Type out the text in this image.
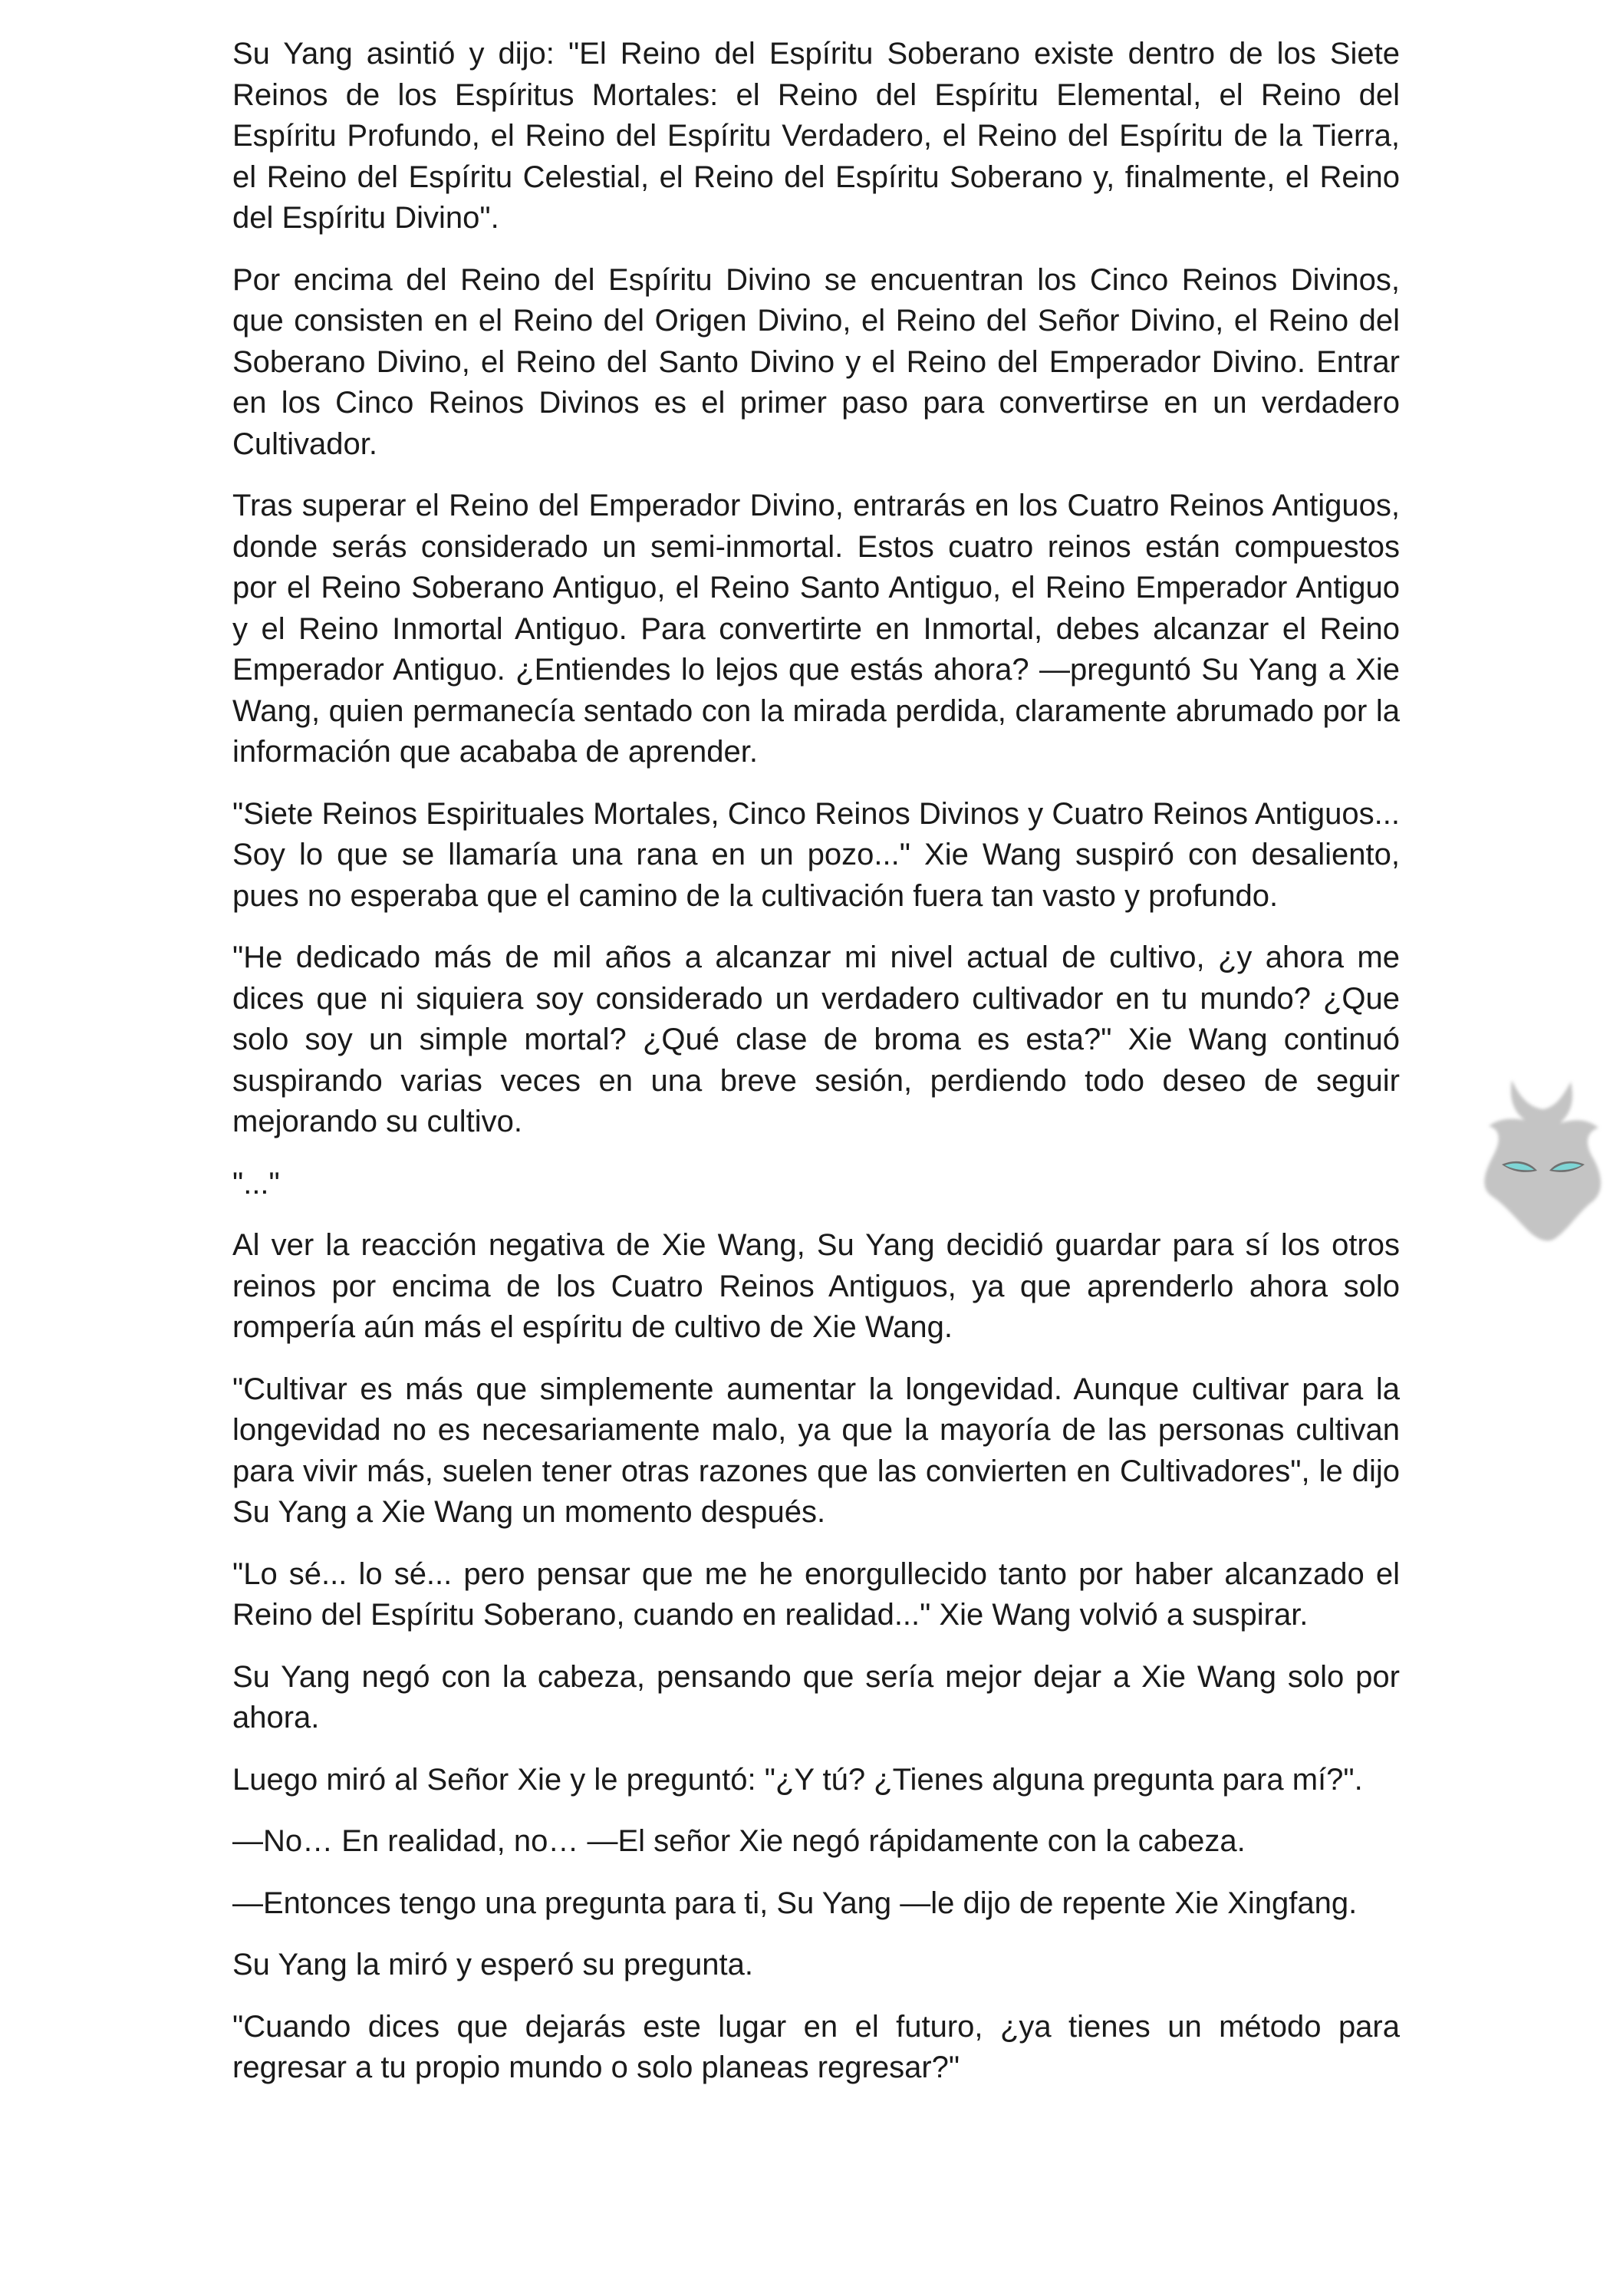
Su Yang asintió y dijo: "El Reino del Espíritu Soberano existe dentro de los Siete Reinos de los Espíritus Mortales: el Reino del Espíritu Elemental, el Reino del Espíritu Profundo, el Reino del Espíritu Verdadero, el Reino del Espíritu de la Tierra, el Reino del Espíritu Celestial, el Reino del Espíritu Soberano y, finalmente, el Reino del Espíritu Divino".

Por encima del Reino del Espíritu Divino se encuentran los Cinco Reinos Divinos, que consisten en el Reino del Origen Divino, el Reino del Señor Divino, el Reino del Soberano Divino, el Reino del Santo Divino y el Reino del Emperador Divino. Entrar en los Cinco Reinos Divinos es el primer paso para convertirse en un verdadero Cultivador.

Tras superar el Reino del Emperador Divino, entrarás en los Cuatro Reinos Antiguos, donde serás considerado un semi-inmortal. Estos cuatro reinos están compuestos por el Reino Soberano Antiguo, el Reino Santo Antiguo, el Reino Emperador Antiguo y el Reino Inmortal Antiguo. Para convertirte en Inmortal, debes alcanzar el Reino Emperador Antiguo. ¿Entiendes lo lejos que estás ahora? —preguntó Su Yang a Xie Wang, quien permanecía sentado con la mirada perdida, claramente abrumado por la información que acababa de aprender.

"Siete Reinos Espirituales Mortales, Cinco Reinos Divinos y Cuatro Reinos Antiguos... Soy lo que se llamaría una rana en un pozo..." Xie Wang suspiró con desaliento, pues no esperaba que el camino de la cultivación fuera tan vasto y profundo.

"He dedicado más de mil años a alcanzar mi nivel actual de cultivo, ¿y ahora me dices que ni siquiera soy considerado un verdadero cultivador en tu mundo? ¿Que solo soy un simple mortal? ¿Qué clase de broma es esta?" Xie Wang continuó suspirando varias veces en una breve sesión, perdiendo todo deseo de seguir mejorando su cultivo.

"..."

Al ver la reacción negativa de Xie Wang, Su Yang decidió guardar para sí los otros reinos por encima de los Cuatro Reinos Antiguos, ya que aprenderlo ahora solo rompería aún más el espíritu de cultivo de Xie Wang.

"Cultivar es más que simplemente aumentar la longevidad. Aunque cultivar para la longevidad no es necesariamente malo, ya que la mayoría de las personas cultivan para vivir más, suelen tener otras razones que las convierten en Cultivadores", le dijo Su Yang a Xie Wang un momento después.

"Lo sé... lo sé... pero pensar que me he enorgullecido tanto por haber alcanzado el Reino del Espíritu Soberano, cuando en realidad..." Xie Wang volvió a suspirar.

Su Yang negó con la cabeza, pensando que sería mejor dejar a Xie Wang solo por ahora.

Luego miró al Señor Xie y le preguntó: "¿Y tú? ¿Tienes alguna pregunta para mí?".

—No… En realidad, no… —El señor Xie negó rápidamente con la cabeza.

—Entonces tengo una pregunta para ti, Su Yang —le dijo de repente Xie Xingfang.

Su Yang la miró y esperó su pregunta.

"Cuando dices que dejarás este lugar en el futuro, ¿ya tienes un método para regresar a tu propio mundo o solo planeas regresar?"
